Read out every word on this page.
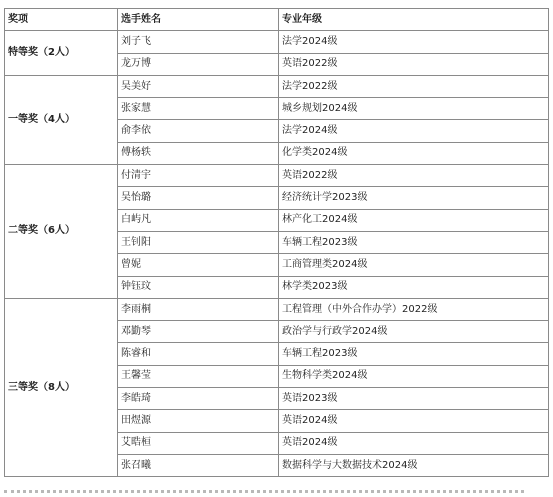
奖项	选手姓名	专业年级
特等奖（2人）	刘子飞	法学2024级
	龙万博	英语2022级
一等奖（4人）	吴美好	法学2022级
	张家慧	城乡规划2024级
	俞李依	法学2024级
	傅杨轶	化学类2024级
二等奖（6人）	付清宇	英语2022级
	吴怡璐	经济统计学2023级
	白屿凡	林产化工2024级
	王钊阳	车辆工程2023级
	曾妮	工商管理类2024级
	钟钰玟	林学类2023级
三等奖（8人）	李雨桐	工程管理（中外合作办学）2022级
	邓勤琴	政治学与行政学2024级
	陈睿和	车辆工程2023级
	王馨莹	生物科学类2024级
	李皓琦	英语2023级
	田煜源	英语2024级
	艾晧桓	英语2024级
	张召曦	数据科学与大数据技术2024级
